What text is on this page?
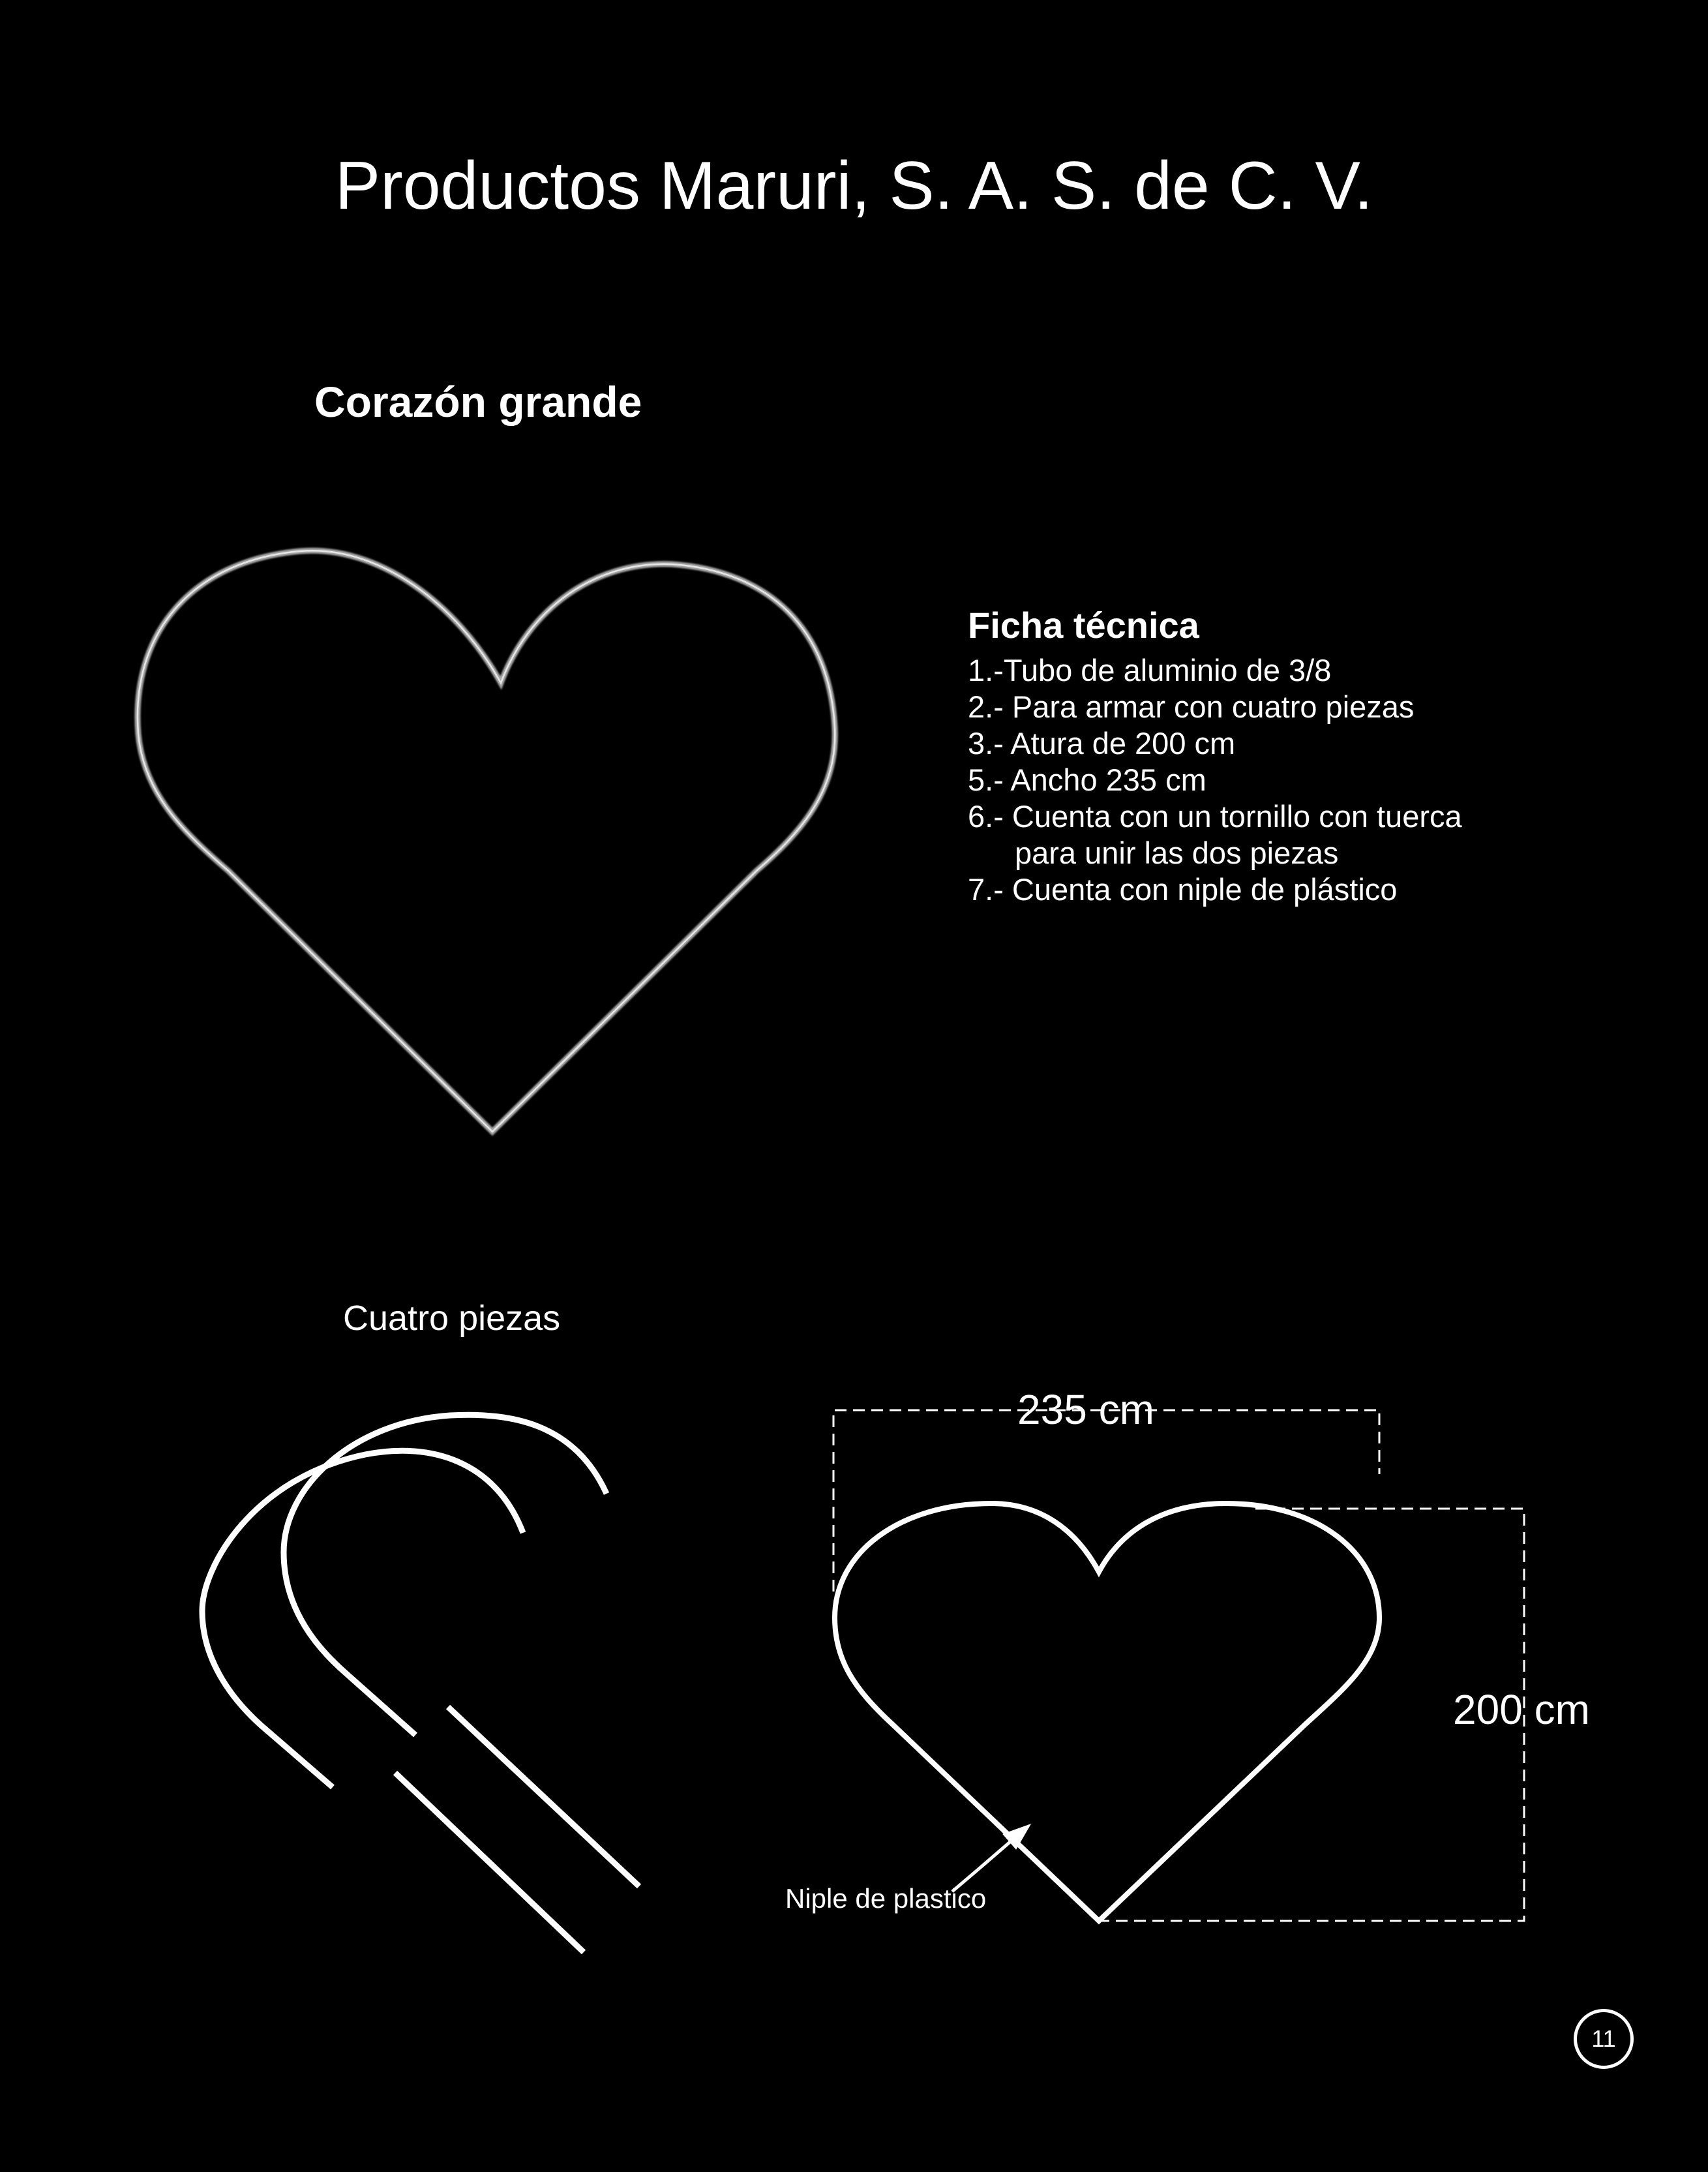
Productos Maruri, S. A. S. de C. V.
Corazón grande
Ficha técnica
1.-Tubo de aluminio de 3/8
2.- Para armar con cuatro piezas
3.- Atura de 200 cm
5.- Ancho 235 cm
6.- Cuenta con un tornillo con tuerca
para unir las dos piezas
7.- Cuenta con niple de plástico

Cuatro piezas

235 cm
200 cm
Niple de plastico
11
